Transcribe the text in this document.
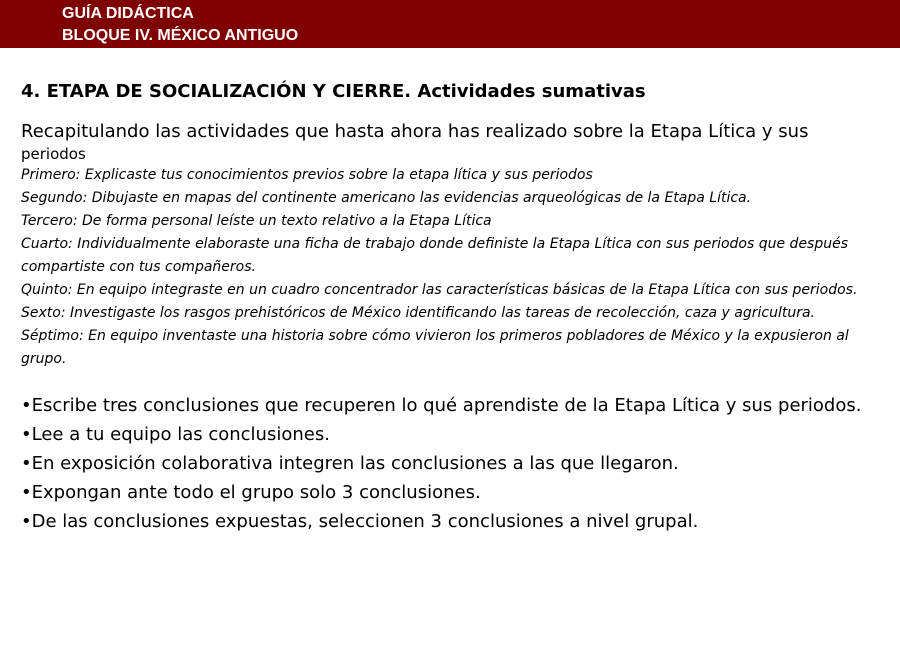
GUÍA DIDÁCTICA
BLOQUE IV. MÉXICO ANTIGUO
4. ETAPA DE SOCIALIZACIÓN Y CIERRE. Actividades sumativas

Recapitulando las actividades que hasta ahora has realizado sobre la Etapa Lítica y sus
periodos

Primero: Explicaste tus conocimientos previos sobre la etapa lítica y sus periodos
Segundo: Dibujaste en mapas del continente americano las evidencias arqueológicas de la Etapa Lítica.
Tercero: De forma personal leíste un texto relativo a la Etapa Lítica
Cuarto: Individualmente elaboraste una ficha de trabajo donde definiste la Etapa Lítica con sus periodos que después compartiste con tus compañeros.
Quinto: En equipo integraste en un cuadro concentrador las características básicas de la Etapa Lítica con sus periodos.
Sexto: Investigaste los rasgos prehistóricos de México identificando las tareas de recolección, caza y agricultura.
Séptimo: En equipo inventaste una historia sobre cómo vivieron los primeros pobladores de México y la expusieron al grupo.
•Escribe tres conclusiones que recuperen lo qué aprendiste de la Etapa Lítica y sus periodos.
•Lee a tu equipo las conclusiones.
•En exposición colaborativa integren las conclusiones a las que llegaron.
•Expongan ante todo el grupo solo 3 conclusiones.
•De las conclusiones expuestas, seleccionen 3 conclusiones a nivel grupal.
